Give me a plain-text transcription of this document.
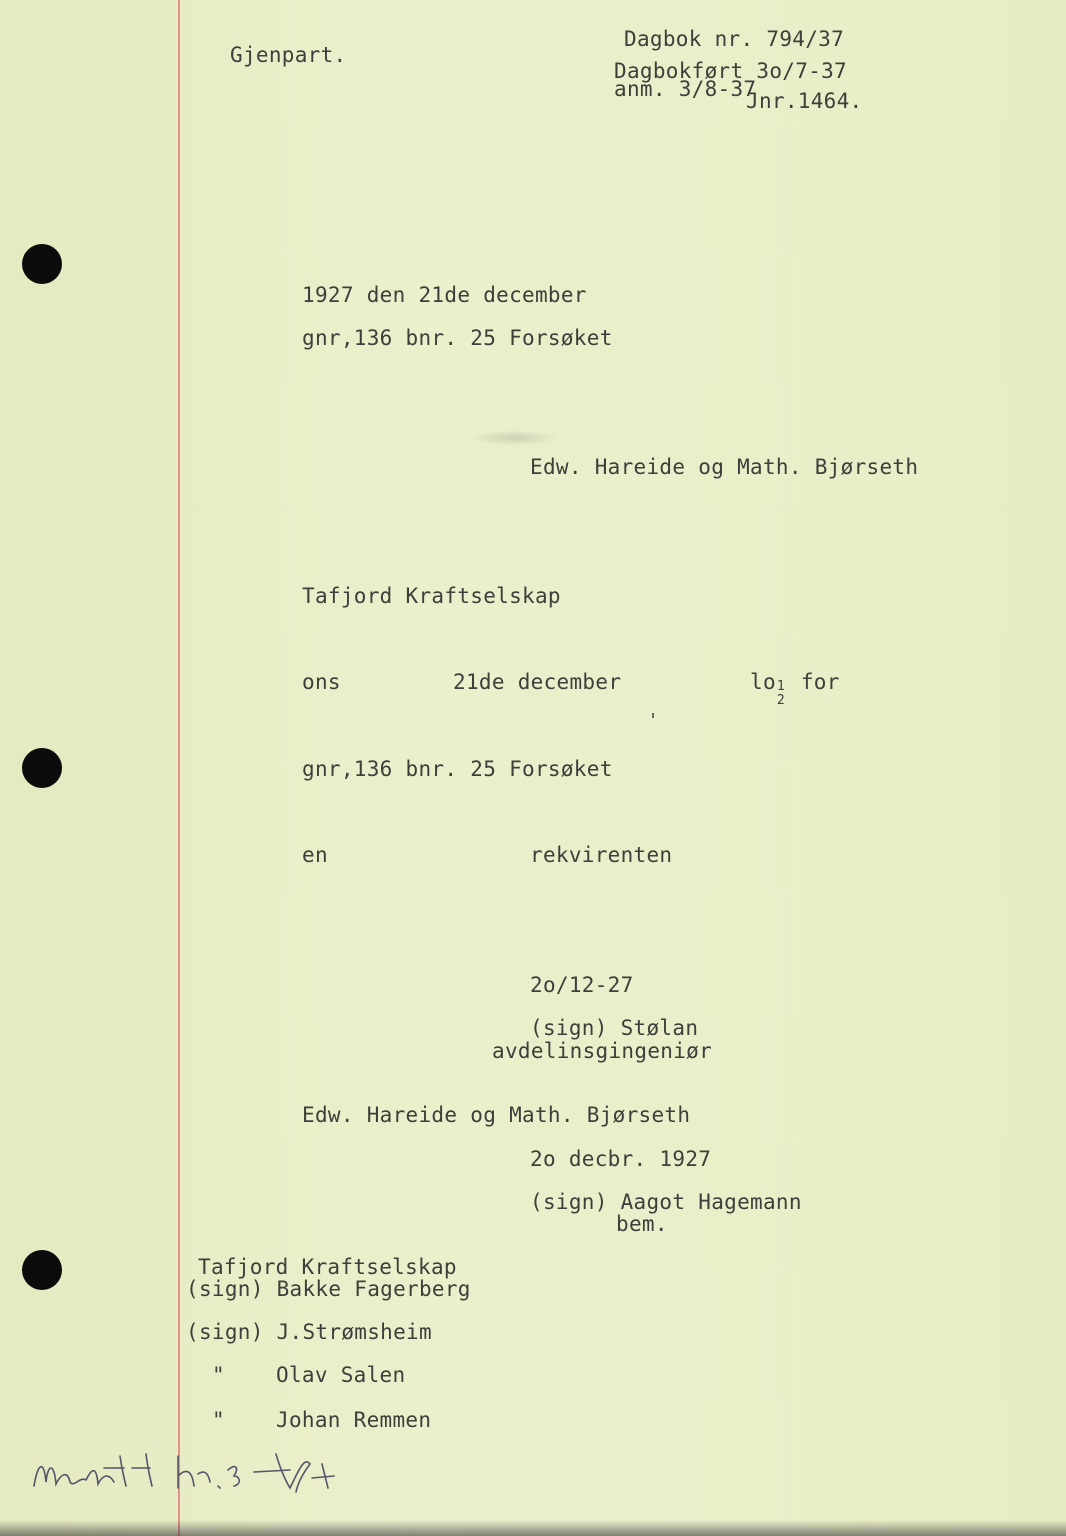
Gjenpart.
Dagbok nr. 794/37
Dagbokført 3o/7-37
anm. 3/8-37
Jnr.1464.
1927 den 21de december
gnr,136 bnr. 25 Forsøket
Edw. Hareide og Math. Bjørseth
Tafjord Kraftselskap
ons	21de december	lo 1
2
for
gnr,136 bnr. 25 Forsøket
en	rekvirenten
2o/12-27
(sign) Stølan
avdelinsgingeniør
Edw. Hareide og Math. Bjørseth
2o decbr. 1927
(sign) Aagot Hagemann
bem.
Tafjord Kraftselskap
(sign) Bakke Fagerberg
(sign) J.Strømsheim
" Olav Salen
" Johan Remmen
